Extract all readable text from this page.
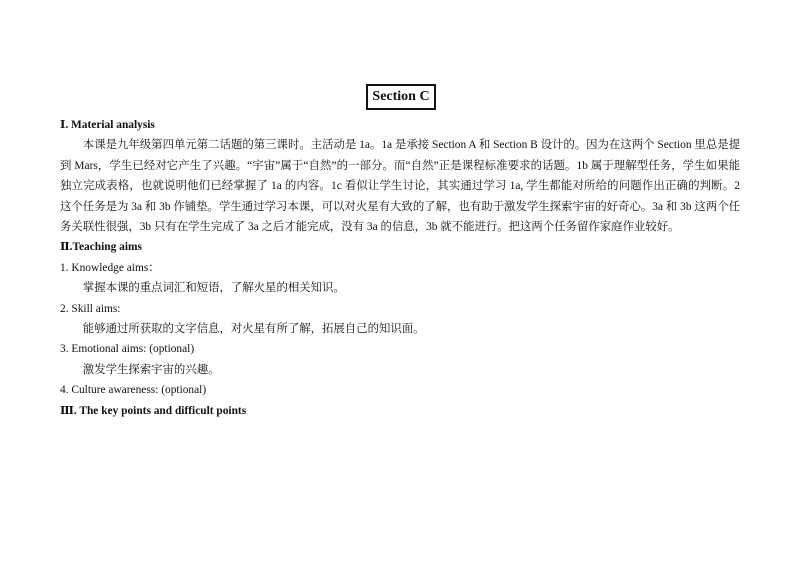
Section C

Ⅰ. Material analysis

本课是九年级第四单元第二话题的第三课时。主活动是 1a。1a 是承接 Section A 和 Section B 设计的。因为在这两个 Section 里总是提到 Mars，学生已经对它产生了兴趣。“宇宙”属于“自然”的一部分。而“自然”正是课程标准要求的话题。1b 属于理解型任务，学生如果能独立完成表格，也就说明他们已经掌握了 1a 的内容。1c 看似让学生讨论，其实通过学习 1a, 学生都能对所给的问题作出正确的判断。2 这个任务是为 3a 和 3b 作铺垫。学生通过学习本课，可以对火星有大致的了解，也有助于激发学生探索宇宙的好奇心。3a 和 3b 这两个任务关联性很强，3b 只有在学生完成了 3a 之后才能完成，没有 3a 的信息，3b 就不能进行。把这两个任务留作家庭作业较好。

Ⅱ.Teaching aims

1. Knowledge aims：

掌握本课的重点词汇和短语，了解火星的相关知识。

2. Skill aims:

能够通过所获取的文字信息，对火星有所了解，拓展自己的知识面。

3. Emotional aims: (optional)

激发学生探索宇宙的兴趣。

4. Culture awareness: (optional)

Ⅲ. The key points and difficult points
